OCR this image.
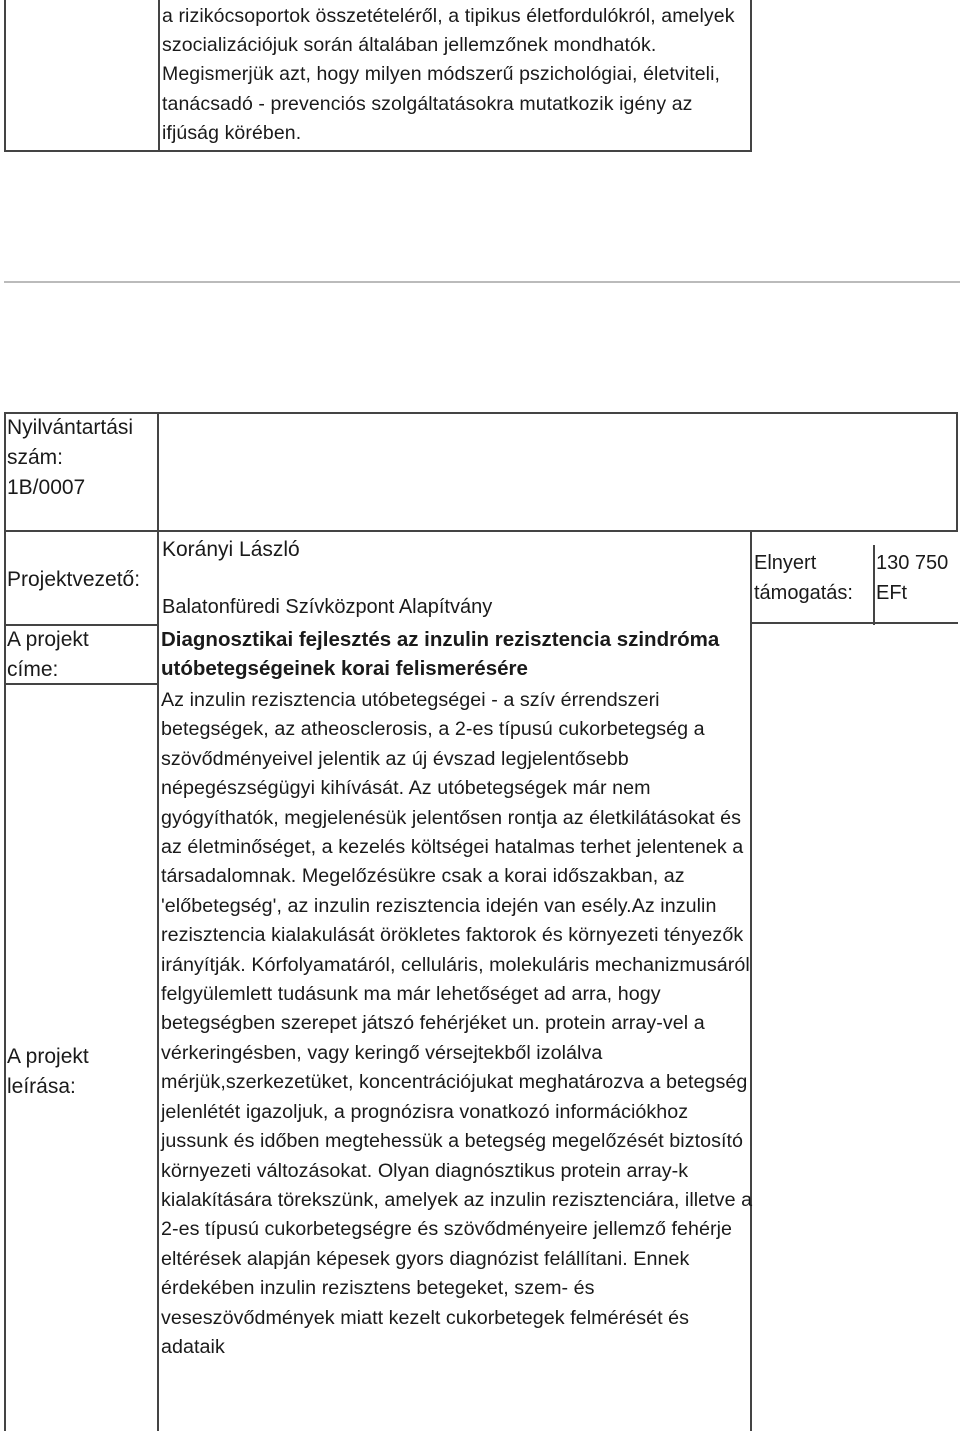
a rizikócsoportok összetételéről, a tipikus életfordulókról, amelyek szocializációjuk során általában jellemzőnek mondhatók. Megismerjük azt, hogy milyen módszerű pszichológiai, életviteli, tanácsadó - prevenciós szolgáltatásokra mutatkozik igény az ifjúság körében.
Nyilvántartási
szám:
1B/0007
Projektvezető:
Korányi László
Balatonfüredi Szívközpont Alapítvány
A projekt
címe:
Diagnosztikai fejlesztés az inzulin rezisztencia szindróma utóbetegségeinek korai felismerésére
A projekt
leírása:
Az inzulin rezisztencia utóbetegségei - a szív érrendszeri betegségek, az atheosclerosis, a 2-es típusú cukorbetegség a szövődményeivel jelentik az új évszad legjelentősebb népegészségügyi kihívását. Az utóbetegségek már nem gyógyíthatók, megjelenésük jelentősen rontja az életkilátásokat és az életminőséget, a kezelés költségei hatalmas terhet jelentenek a társadalomnak. Megelőzésükre csak a korai időszakban, az 'előbetegség', az inzulin rezisztencia idején van esély.Az inzulin rezisztencia kialakulását örökletes faktorok és környezeti tényezők irányítják. Kórfolyamatáról, celluláris, molekuláris mechanizmusáról felgyülemlett tudásunk ma már lehetőséget ad arra, hogy betegségben szerepet játszó fehérjéket un. protein array-vel a vérkeringésben, vagy keringő vérsejtekből izolálva mérjük,szerkezetüket, koncentrációjukat meghatározva a betegség jelenlétét igazoljuk, a prognózisra vonatkozó információkhoz jussunk és időben megtehessük a betegség megelőzését biztosító környezeti változásokat. Olyan diagnósztikus protein array-k kialakítására törekszünk, amelyek az inzulin rezisztenciára, illetve a 2-es típusú cukorbetegségre és szövődményeire jellemző fehérje eltérések alapján képesek gyors diagnózist felállítani. Ennek érdekében inzulin rezisztens betegeket, szem- és veseszövődmények miatt kezelt cukorbetegek felmérését és adataik
Elnyert
támogatás:
130 750
EFt
